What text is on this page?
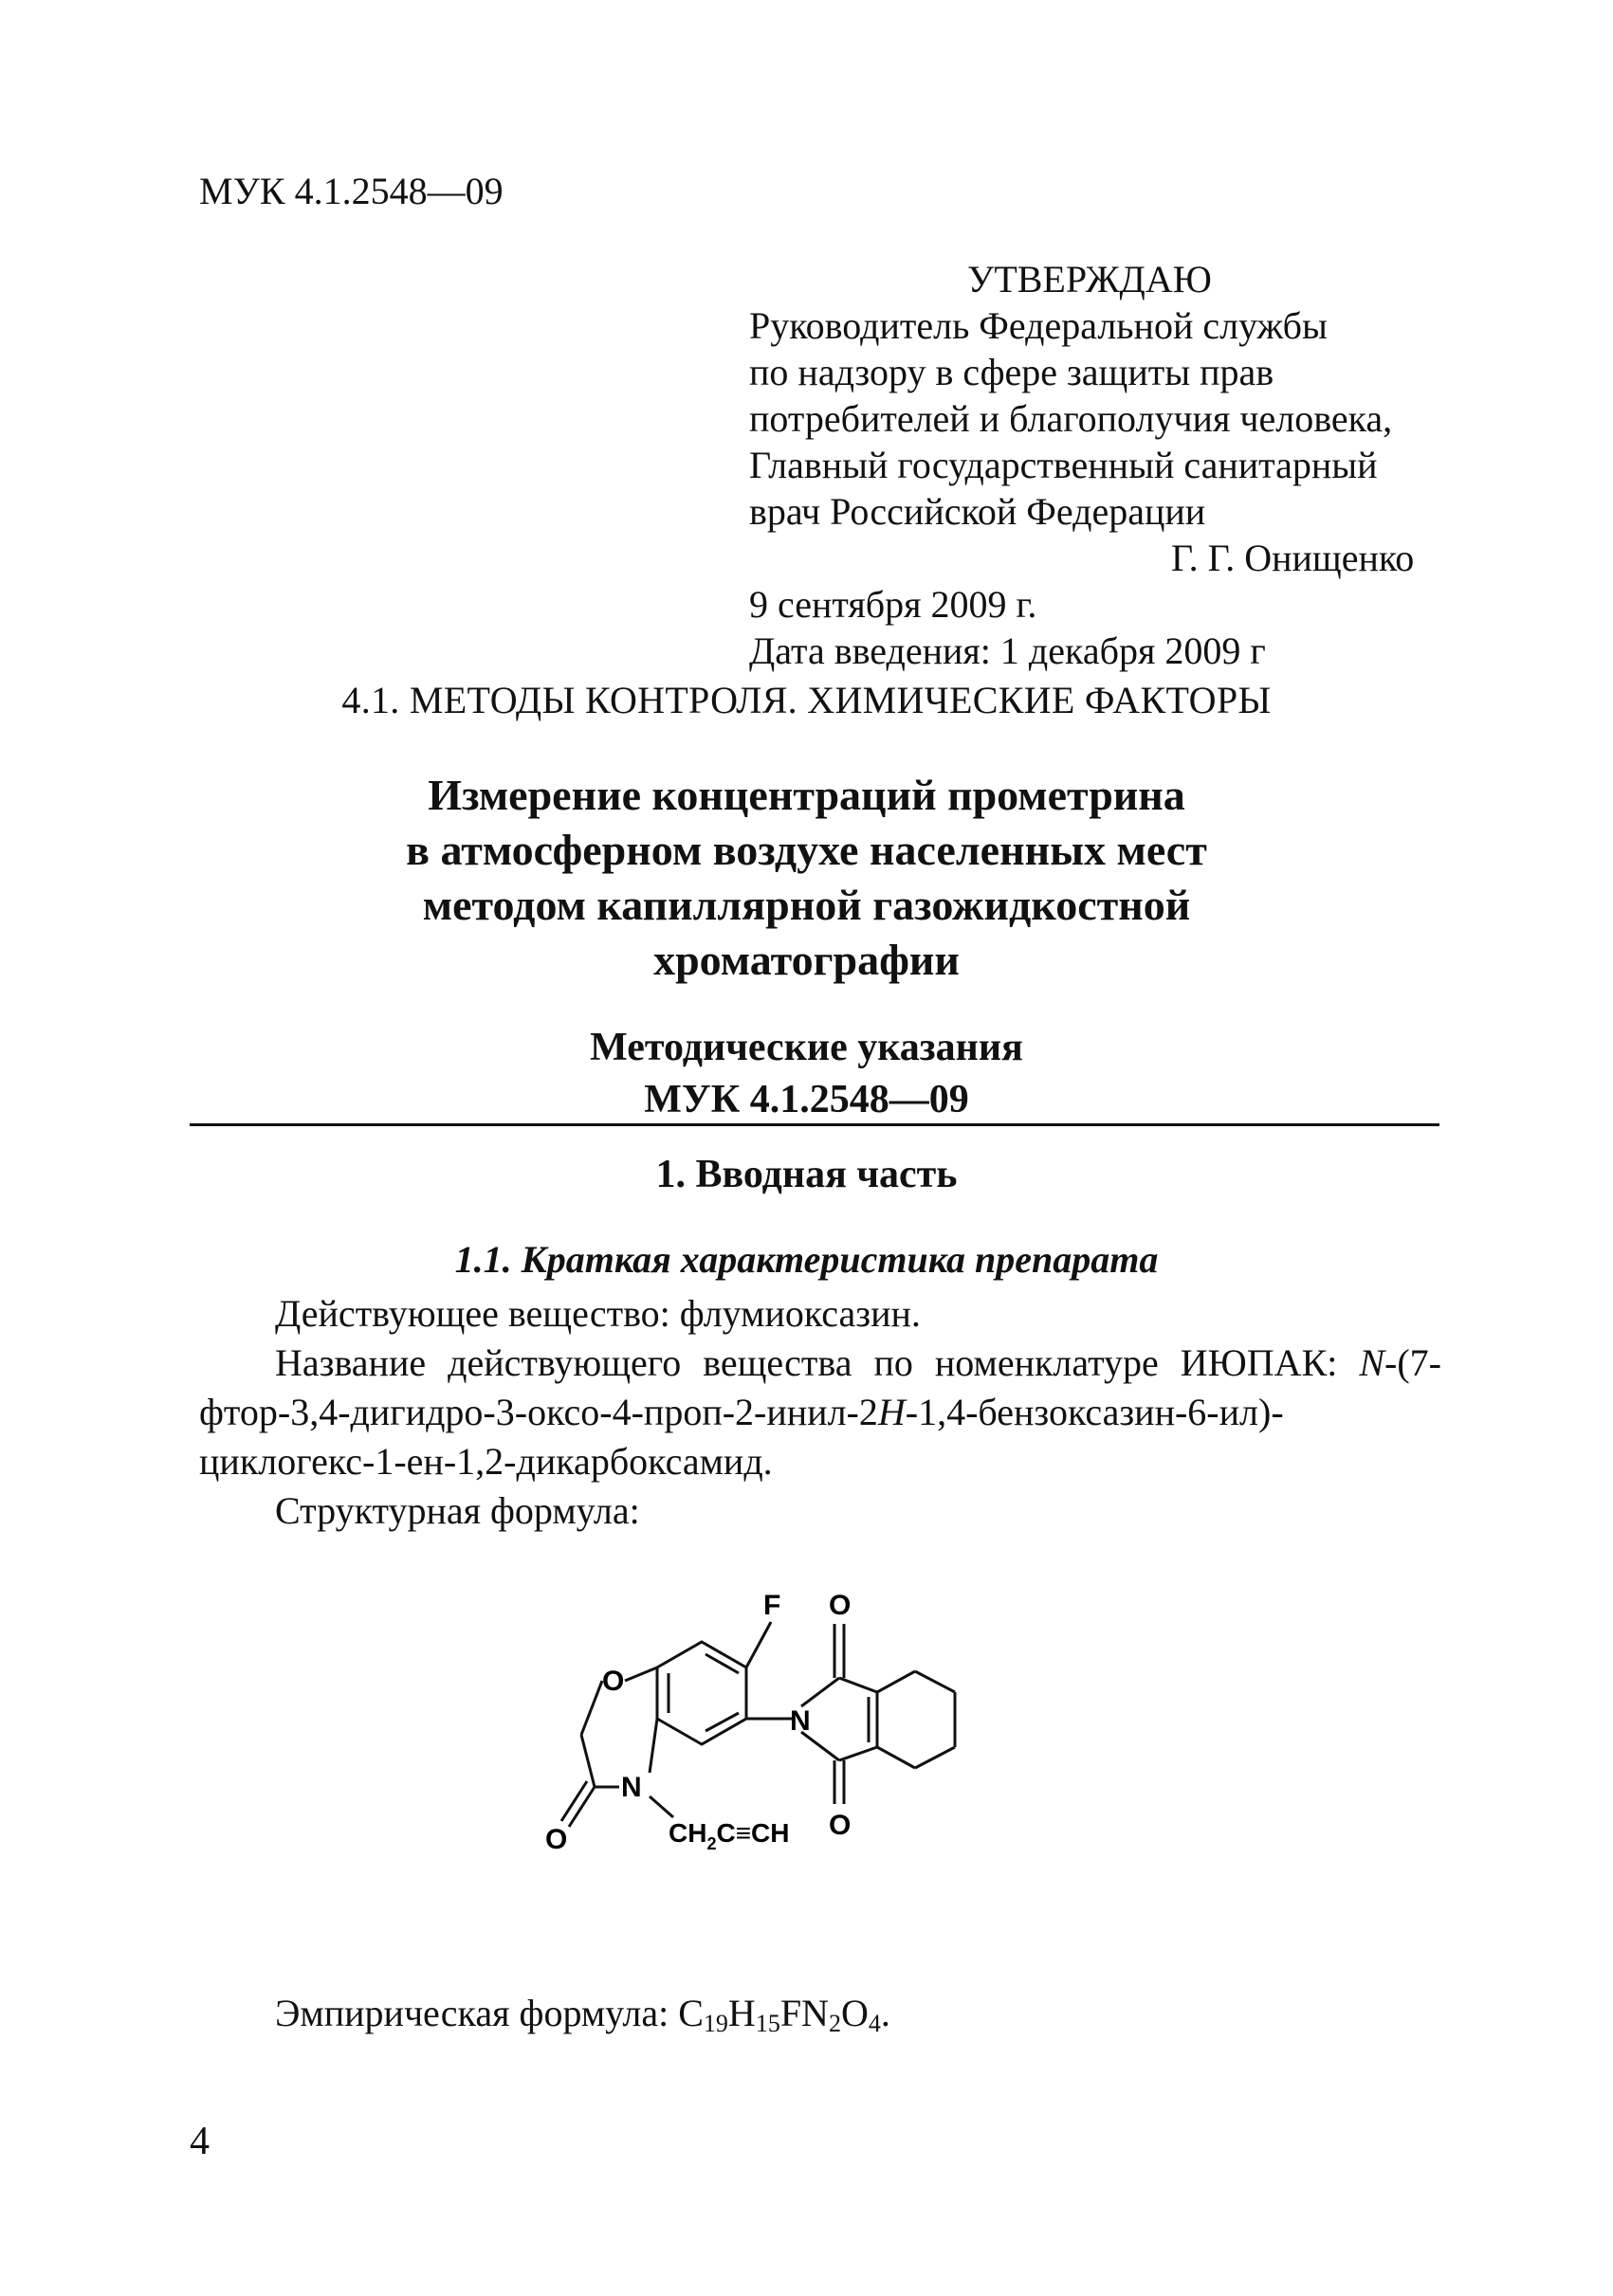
МУК 4.1.2548—09
УТВЕРЖДАЮ
Руководитель Федеральной службы
по надзору в сфере защиты прав
потребителей и благополучия человека,
Главный государственный санитарный
врач Российской Федерации
Г. Г. Онищенко
9 сентября 2009 г.
Дата введения: 1 декабря 2009 г
4.1. МЕТОДЫ КОНТРОЛЯ. ХИМИЧЕСКИЕ ФАКТОРЫ
Измерение концентраций прометрина
в атмосферном воздухе населенных мест
методом капиллярной газожидкостной
хроматографии
Методические указания
МУК 4.1.2548—09
1. Вводная часть
1.1. Краткая характеристика препарата
Действующее вещество: флумиоксазин.
Название действующего вещества по номенклатуре ИЮПАК: N-(7-фтор-3,4-дигидро-3-оксо-4-проп-2-инил-2H-1,4-бензоксазин-6-ил)-циклогекс-1-ен-1,2-дикарбоксамид.
Структурная формула:
F O
O
N
N
O	O
$CH_2C\equiv CH$
Эмпирическая формула: $C_{19}H_{15}FN_2O_4$.
4
